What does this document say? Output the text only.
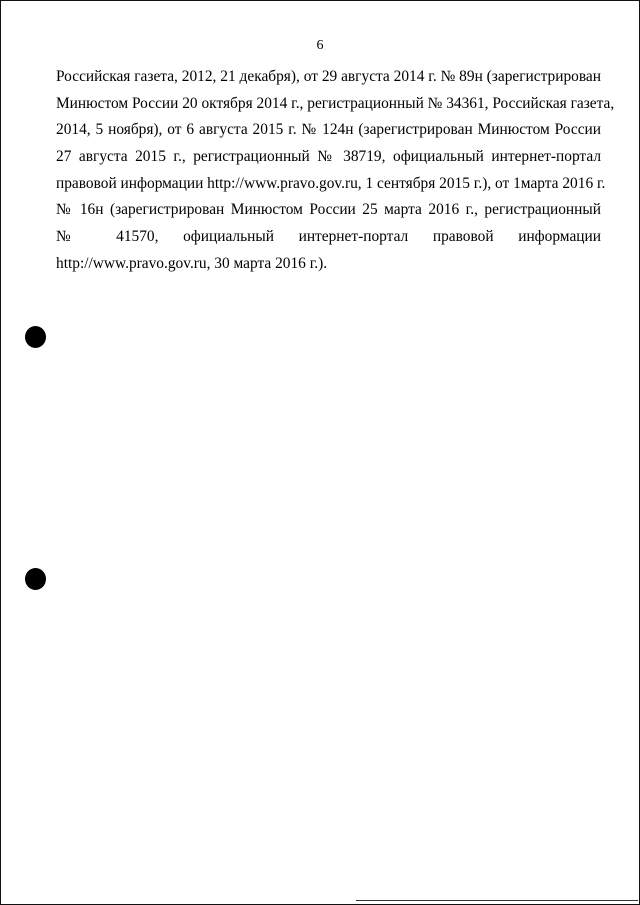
6
Российская газета, 2012, 21 декабря), от 29 августа 2014 г. № 89н (зарегистрирован
Минюстом России 20 октября 2014 г., регистрационный № 34361, Российская газета,
2014, 5 ноября), от 6 августа 2015 г. № 124н (зарегистрирован Минюстом России
27 августа 2015 г., регистрационный № 38719, официальный интернет-портал
правовой информации http://www.pravo.gov.ru, 1 сентября 2015 г.), от 1марта 2016 г.
№ 16н (зарегистрирован Минюстом России 25 марта 2016 г., регистрационный
№ 41570, официальный интернет-портал правовой информации
http://www.pravo.gov.ru, 30 марта 2016 г.).
